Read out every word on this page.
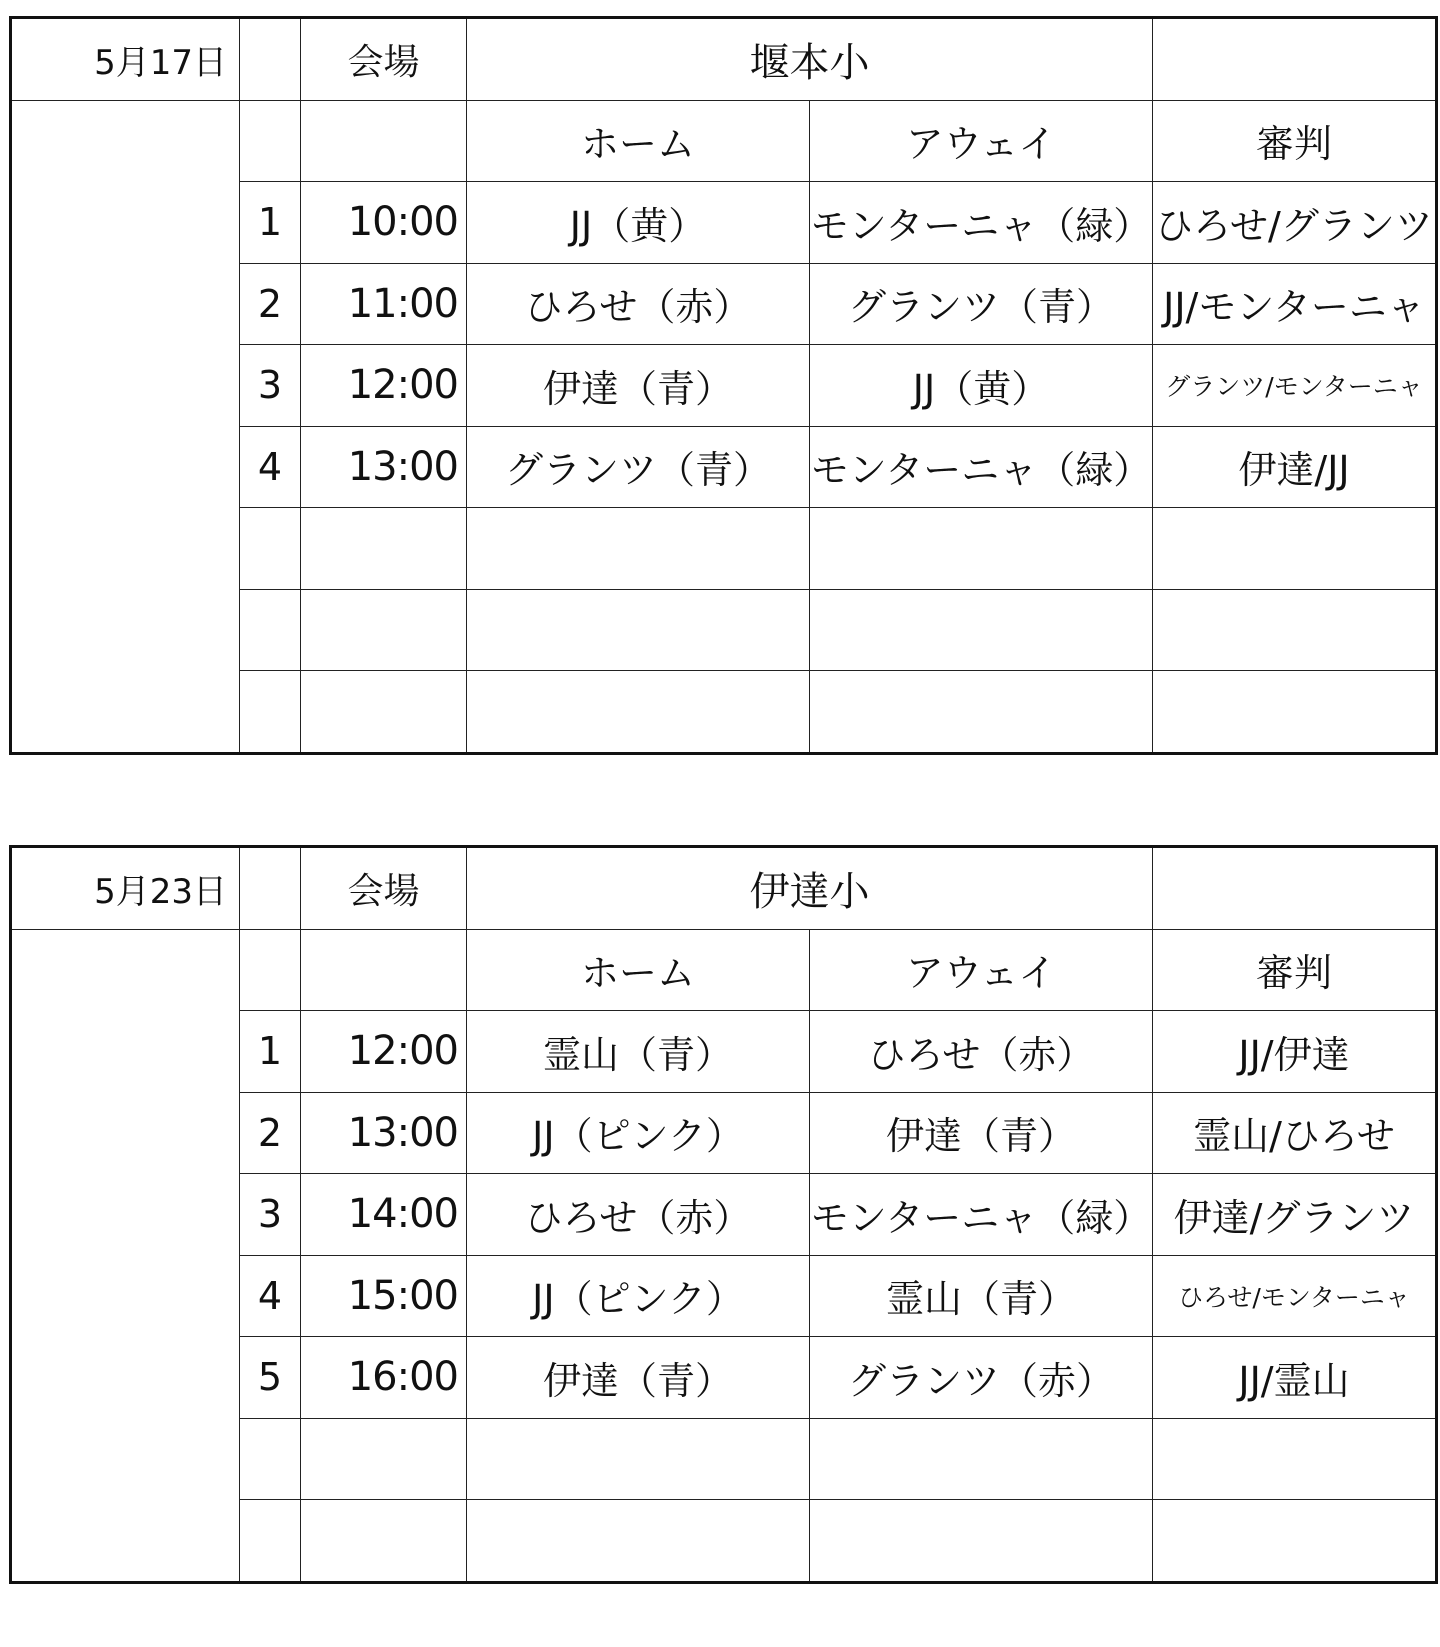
5月17日		会場	堰本小		
			ホーム	アウェイ	審判
	1	10:00	JJ（黄）	モンターニャ（緑）	ひろせ/グランツ
	2	11:00	ひろせ（赤）	グランツ（青）	JJ/モンターニャ
	3	12:00	伊達（青）	JJ（黄）	グランツ/モンターニャ
	4	13:00	グランツ（青）	モンターニャ（緑）	伊達/JJ

5月23日		会場	伊達小		
			ホーム	アウェイ	審判
	1	12:00	霊山（青）	ひろせ（赤）	JJ/伊達
	2	13:00	JJ（ピンク）	伊達（青）	霊山/ひろせ
	3	14:00	ひろせ（赤）	モンターニャ（緑）	伊達/グランツ
	4	15:00	JJ（ピンク）	霊山（青）	ひろせ/モンターニャ
	5	16:00	伊達（青）	グランツ（赤）	JJ/霊山
